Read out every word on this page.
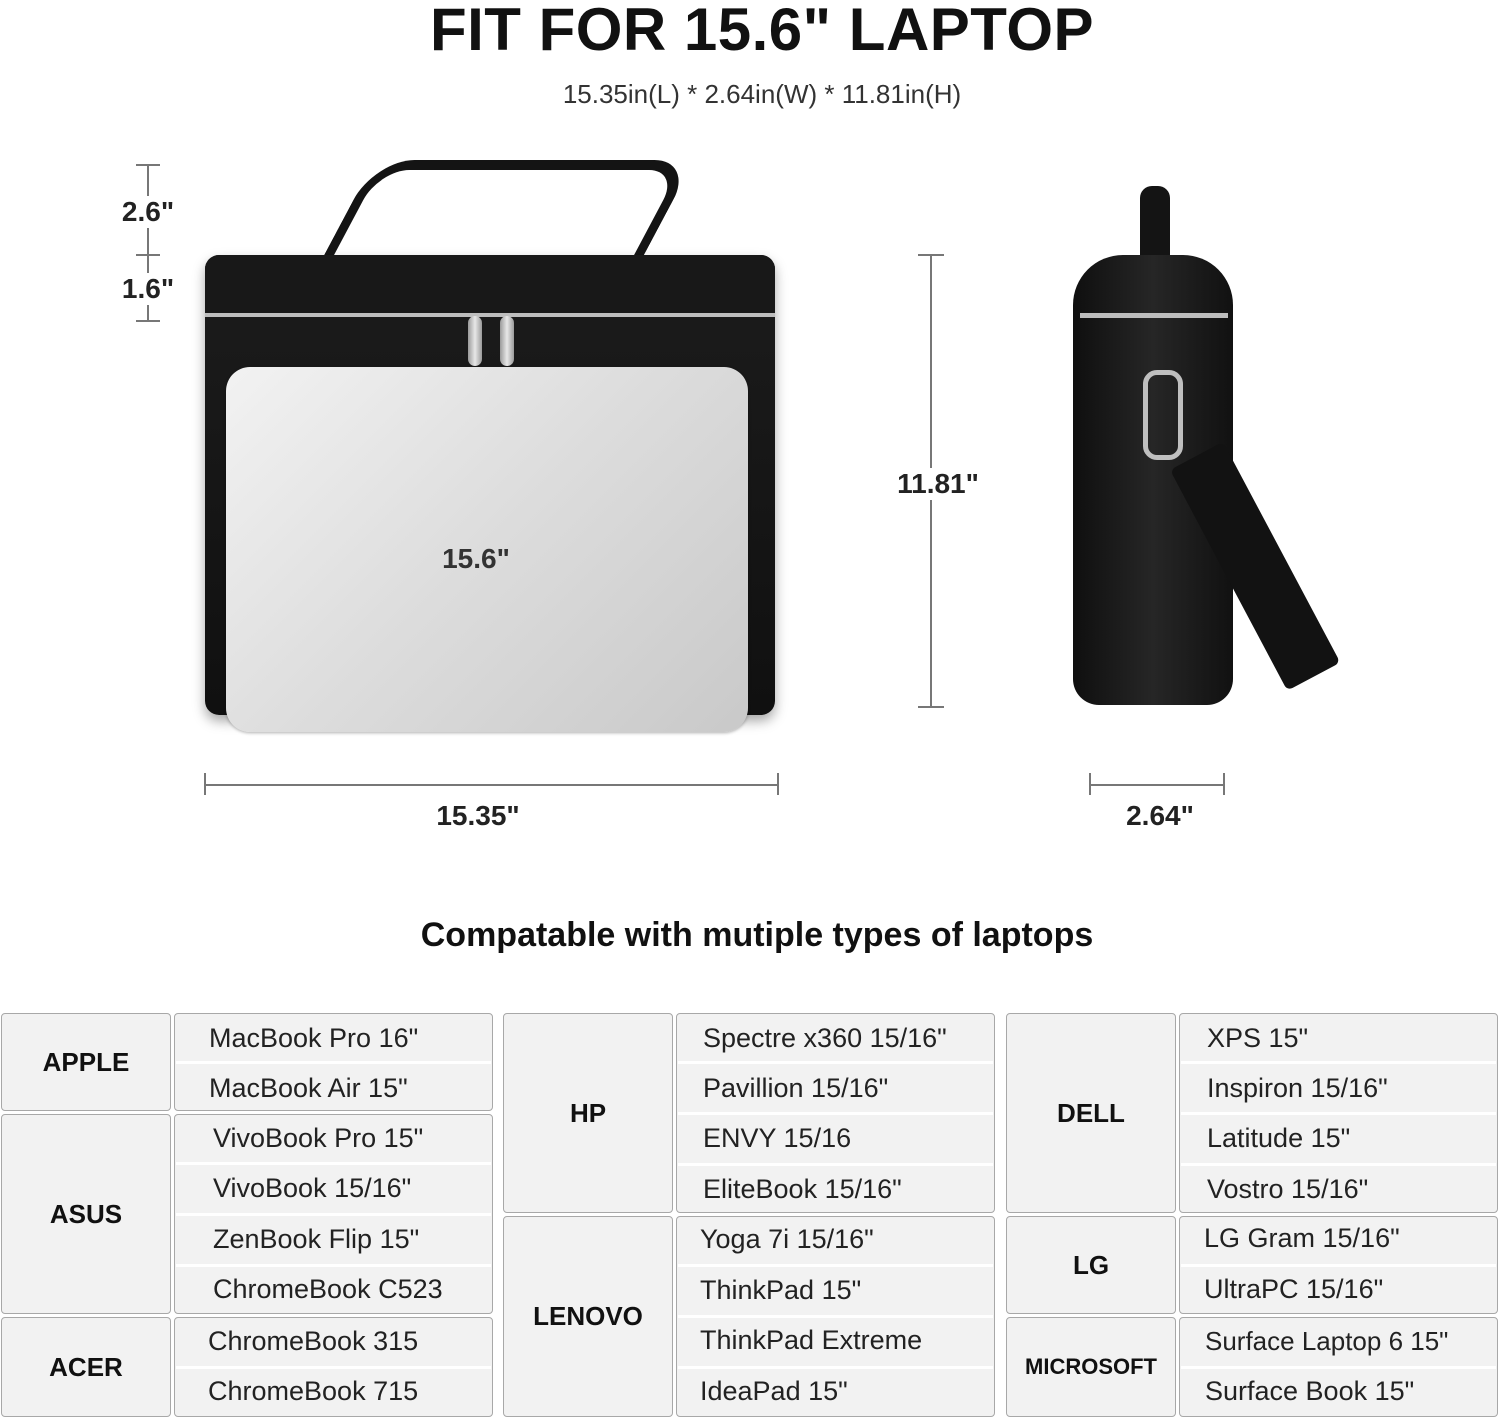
FIT FOR 15.6" LAPTOP
15.35in(L) * 2.64in(W) * 11.81in(H)
2.6"
1.6"
15.6"
11.81"
15.35"	2.64"
Compatable with mutiple types of laptops
APPLE
MacBook Pro 16"
MacBook Air 15"
ASUS
VivoBook Pro 15"
VivoBook 15/16"
ZenBook Flip 15"
ChromeBook C523
ACER
ChromeBook 315
ChromeBook 715
HP
Spectre x360 15/16"
Pavillion 15/16"
ENVY 15/16
EliteBook 15/16"
LENOVO
Yoga 7i 15/16"
ThinkPad 15"
ThinkPad Extreme
IdeaPad 15"
DELL
XPS 15"
Inspiron 15/16"
Latitude 15"
Vostro 15/16"
LG
LG Gram 15/16"
UltraPC 15/16"
MICROSOFT
Surface Laptop 6 15"
Surface Book 15"
